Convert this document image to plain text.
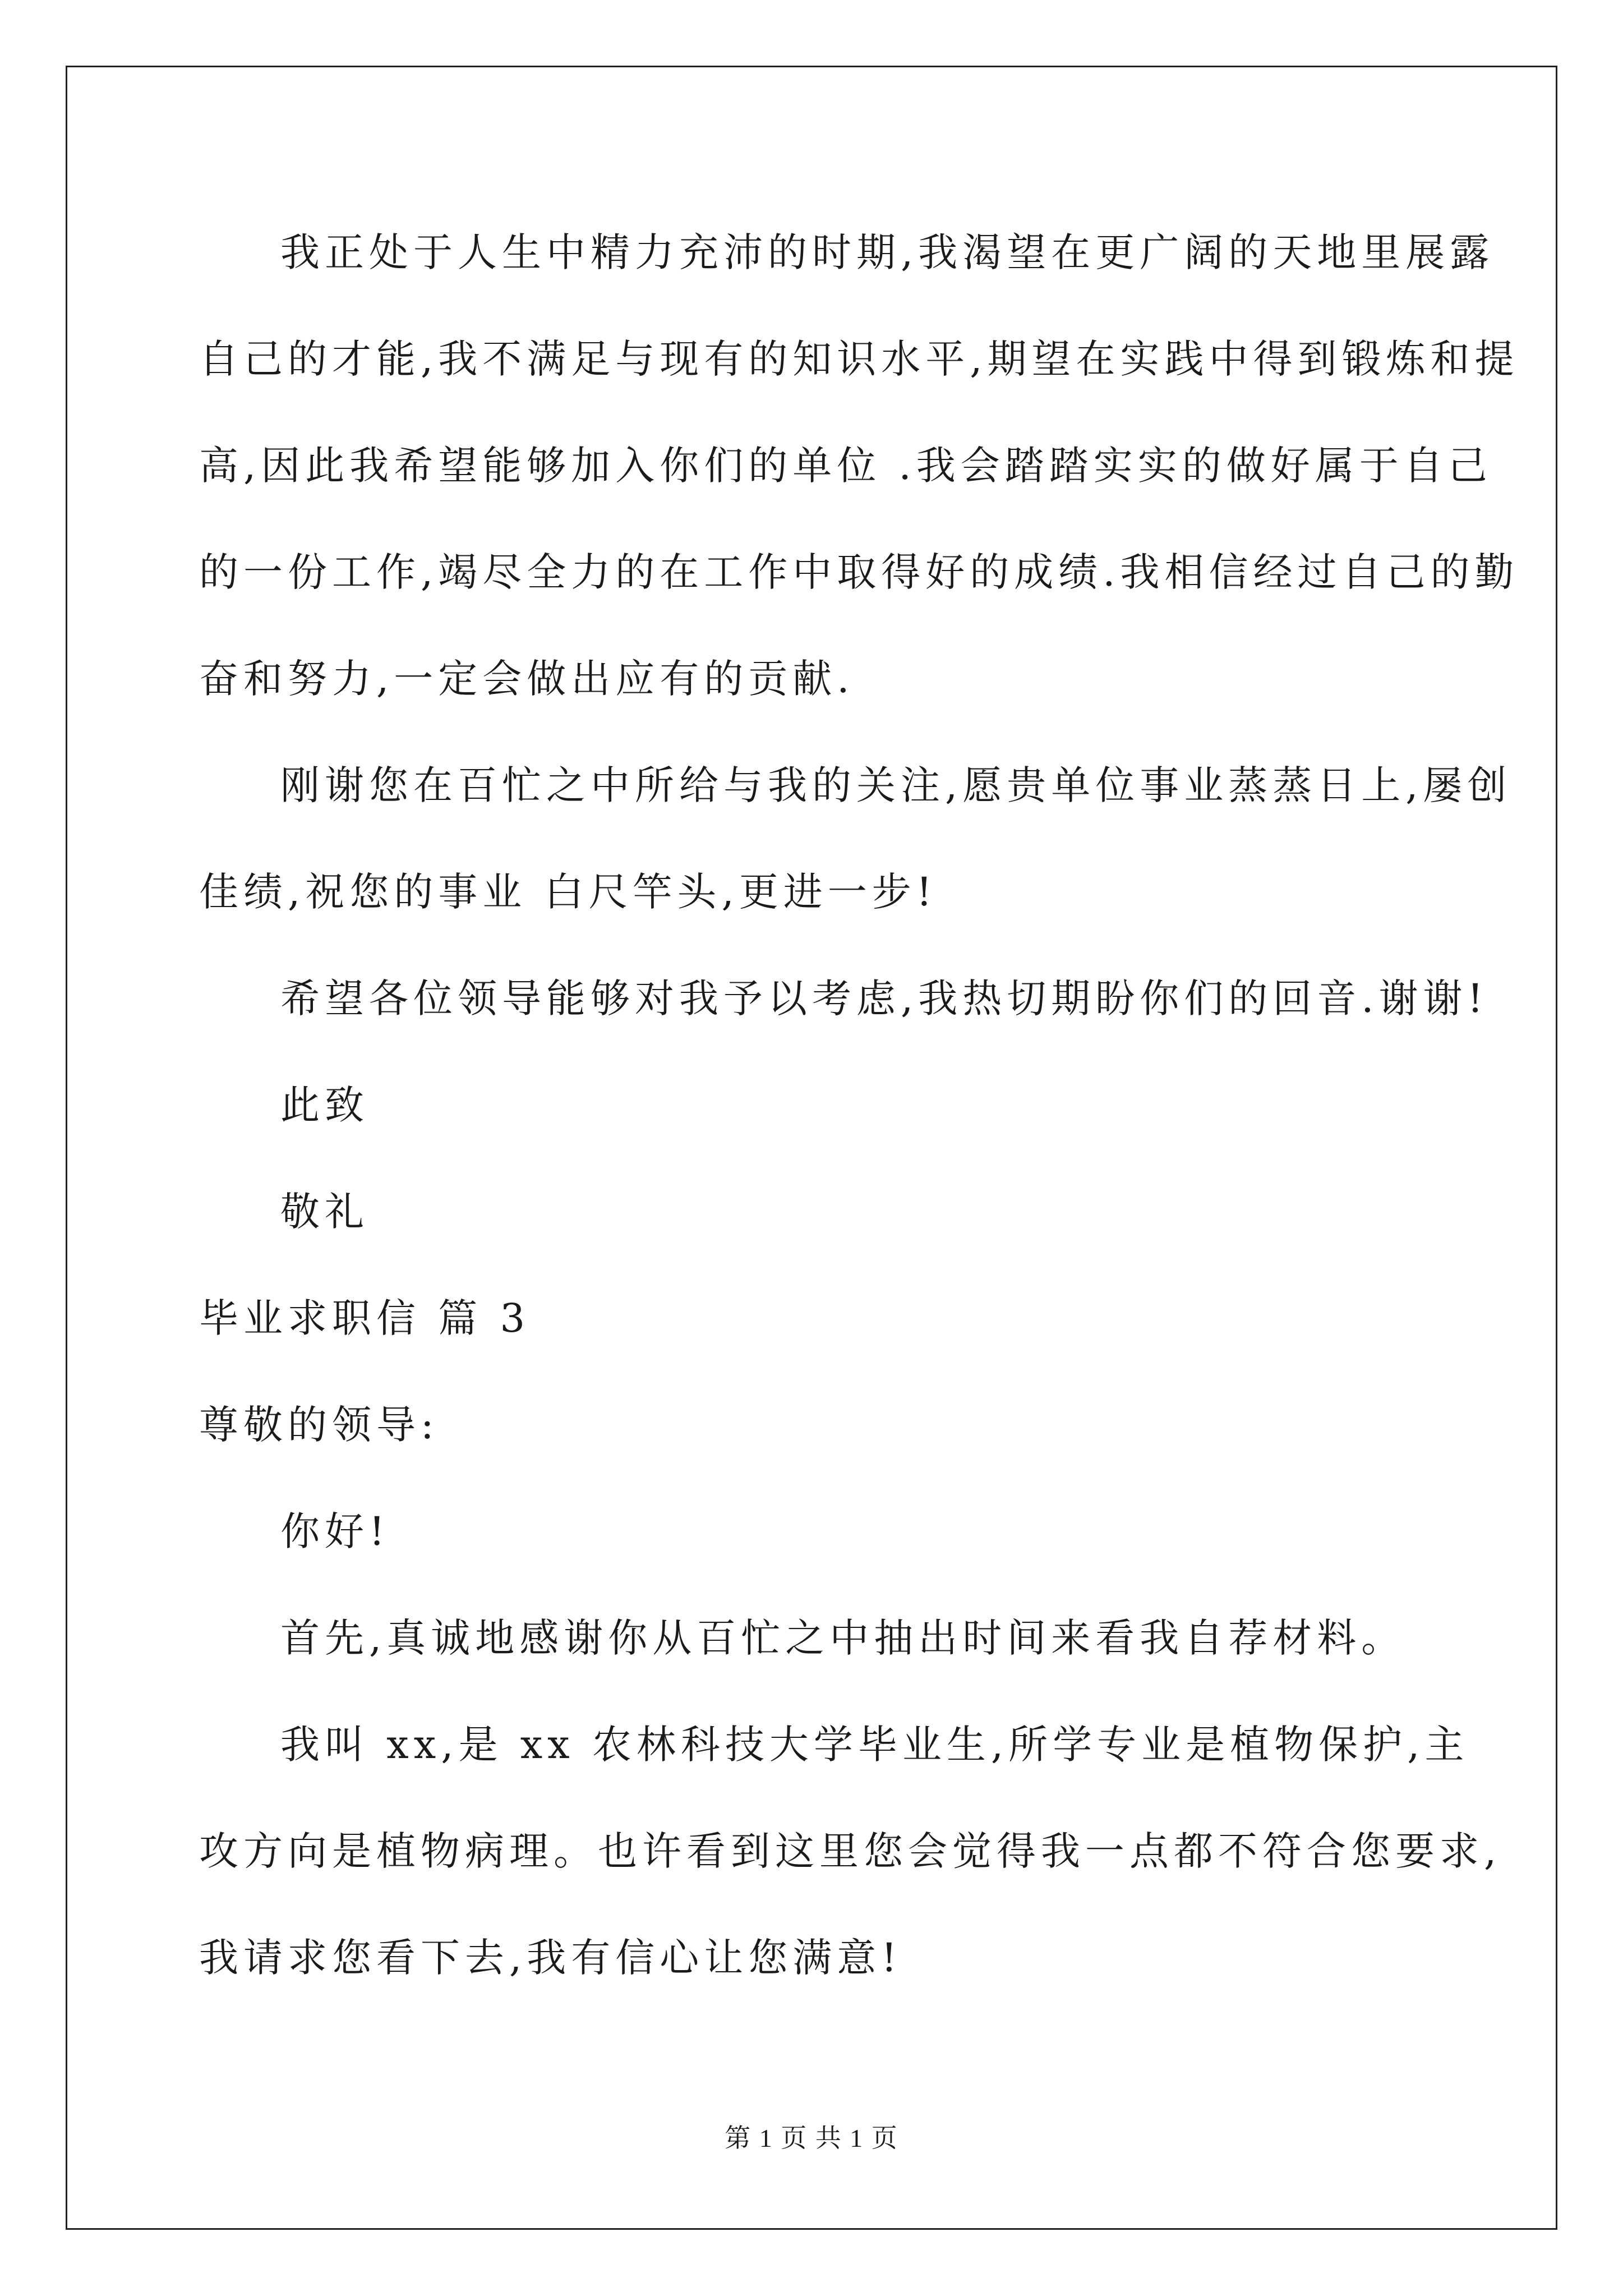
我正处于人生中精力充沛的时期,我渴望在更广阔的天地里展露
自己的才能,我不满足与现有的知识水平,期望在实践中得到锻炼和提
高,因此我希望能够加入你们的单位 .我会踏踏实实的做好属于自己
的一份工作,竭尽全力的在工作中取得好的成绩.我相信经过自己的勤
奋和努力,一定会做出应有的贡献.
刚谢您在百忙之中所给与我的关注,愿贵单位事业蒸蒸日上,屡创
佳绩,祝您的事业 白尺竿头,更进一步!
希望各位领导能够对我予以考虑,我热切期盼你们的回音.谢谢!
此致
敬礼
毕业求职信 篇 3
尊敬的领导:
你好!
首先,真诚地感谢你从百忙之中抽出时间来看我自荐材料。
我叫 xx,是 xx 农林科技大学毕业生,所学专业是植物保护,主
攻方向是植物病理。也许看到这里您会觉得我一点都不符合您要求,
我请求您看下去,我有信心让您满意!
第 1 页 共 1 页
